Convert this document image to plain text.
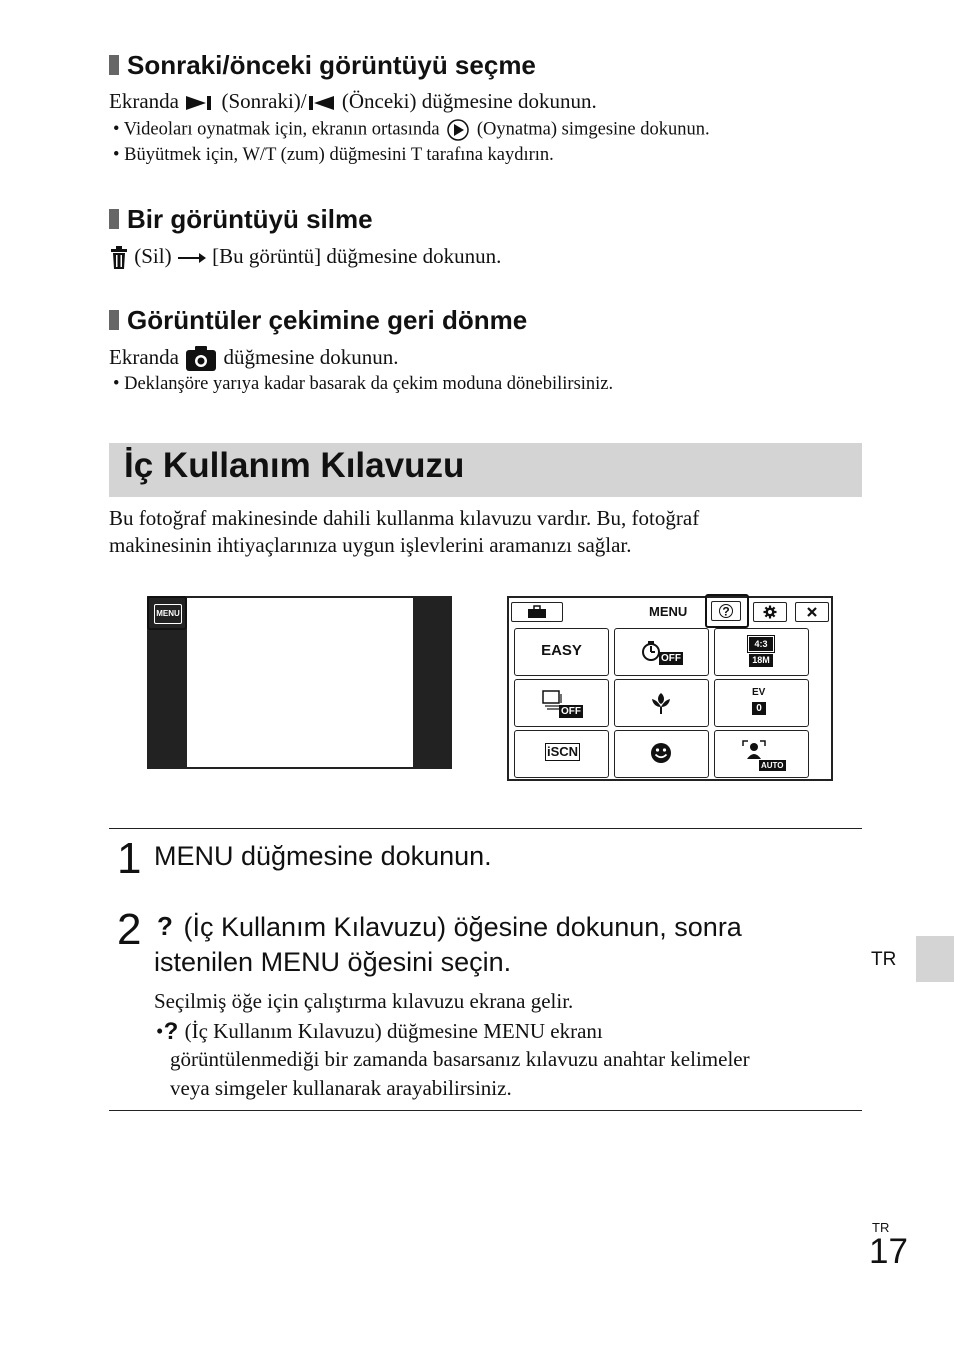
Sonraki/önceki görüntüyü seçme
Ekranda (Sonraki)/ (Önceki) düğmesine dokunun.
• Videoları oynatmak için, ekranın ortasında (Oynatma) simgesine dokunun.
• Büyütmek için, W/T (zum) düğmesini T tarafına kaydırın.
Bir görüntüyü silme
(Sil) [Bu görüntü] düğmesine dokunun.
Görüntüler çekimine geri dönme
Ekranda düğmesine dokunun.
• Deklanşöre yarıya kadar basarak da çekim moduna dönebilirsiniz.
İç Kullanım Kılavuzu
Bu fotoğraf makinesinde dahili kullanma kılavuzu vardır. Bu, fotoğraf
makinesinin ihtiyaçlarınıza uygun işlevlerini aramanızı sağlar.
MENU	MENU	?
EASY	OFF
4:3
18M
OFF
EV
0
iSCN
AUTO
1 MENU düğmesine dokunun.
2 ? (İç Kullanım Kılavuzu) öğesine dokunun, sonra
istenilen MENU öğesini seçin.
Seçilmiş öğe için çalıştırma kılavuzu ekrana gelir.
• ? (İç Kullanım Kılavuzu) düğmesine MENU ekranı
görüntülenmediği bir zamanda basarsanız kılavuzu anahtar kelimeler
veya simgeler kullanarak arayabilirsiniz.
TR
TR
17
